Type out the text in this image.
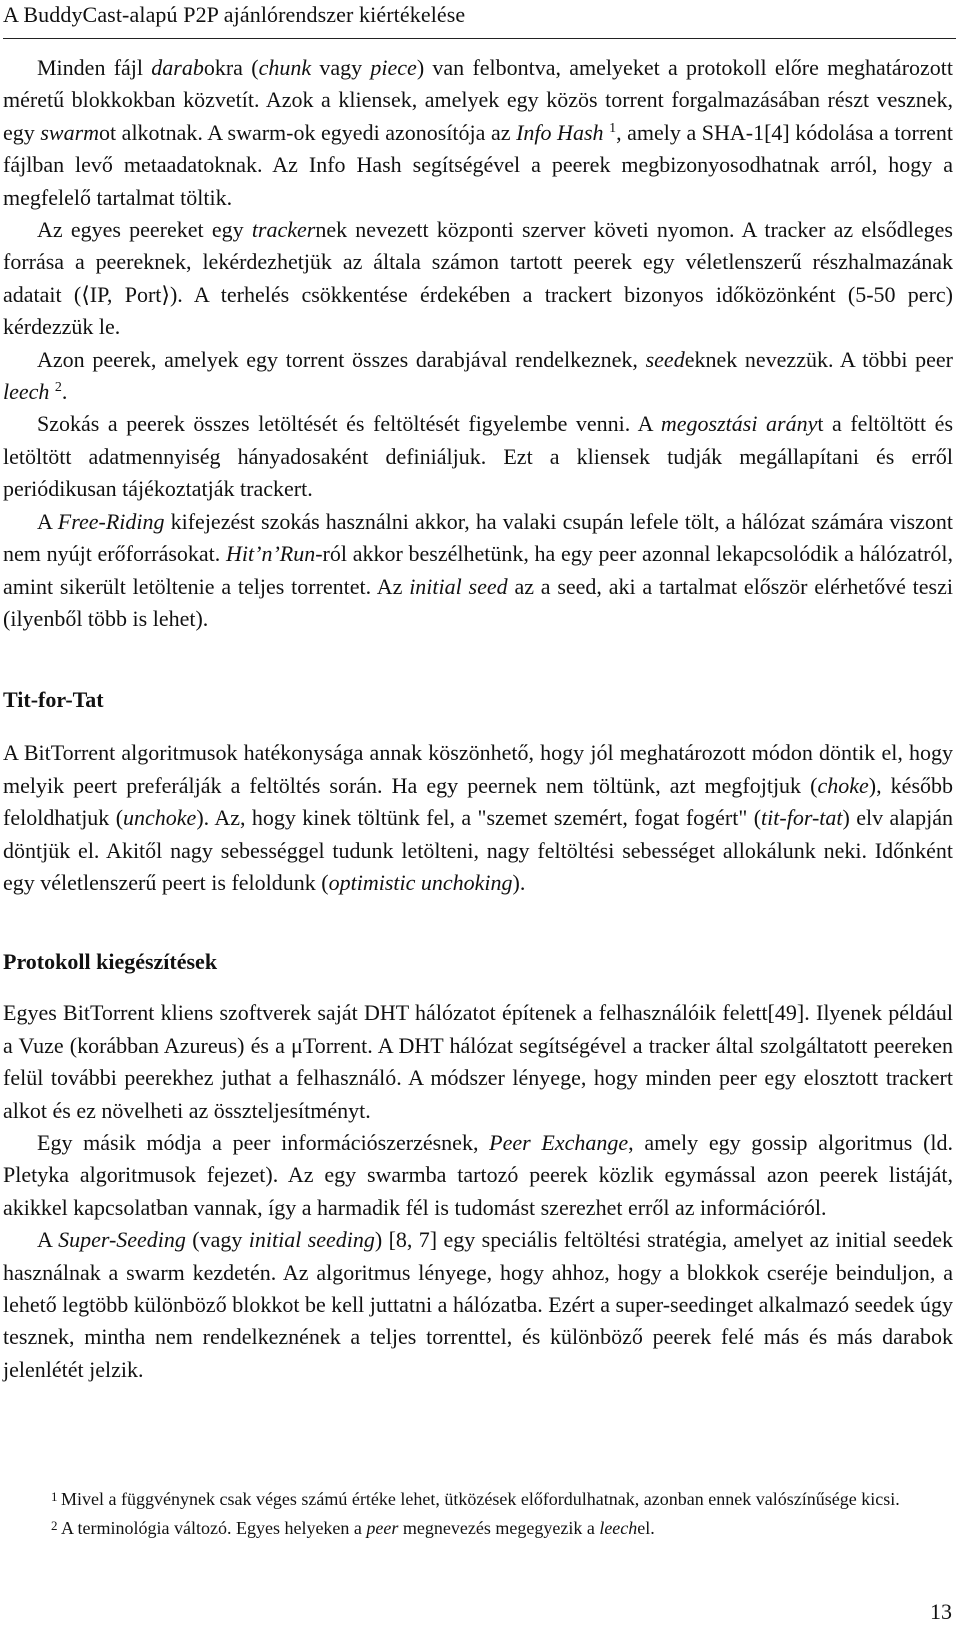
A BuddyCast-alapú P2P ajánlórendszer kiértékelése

Minden fájl darabokra (chunk vagy piece) van felbontva, amelyeket a protokoll előre meghatározott méretű blokkokban közvetít. Azok a kliensek, amelyek egy közös torrent forgalmazásában részt vesznek, egy swarmot alkotnak. A swarm-ok egyedi azonosítója az Info Hash $^1$, amely a SHA-1[4] kódolása a torrent fájlban levő metaadatoknak. Az Info Hash segítségével a peerek megbizonyosodhatnak arról, hogy a megfelelő tartalmat töltik.

Az egyes peereket egy trackernek nevezett központi szerver követi nyomon. A tracker az elsődleges forrása a peereknek, lekérdezhetjük az általa számon tartott peerek egy véletlenszerű részhalmazának adatait (⟨IP, Port⟩). A terhelés csökkentése érdekében a trackert bizonyos időközönként (5-50 perc) kérdezzük le.

Azon peerek, amelyek egy torrent összes darabjával rendelkeznek, seedeknek nevezzük. A többi peer leech $^2$.

Szokás a peerek összes letöltését és feltöltését figyelembe venni. A megosztási arányt a feltöltött és letöltött adatmennyiség hányadosaként definiáljuk. Ezt a kliensek tudják megállapítani és erről periódikusan tájékoztatják trackert.

A Free-Riding kifejezést szokás használni akkor, ha valaki csupán lefele tölt, a hálózat számára viszont nem nyújt erőforrásokat. Hit’n’Run-ról akkor beszélhetünk, ha egy peer azonnal lekapcsolódik a hálózatról, amint sikerült letöltenie a teljes torrentet. Az initial seed az a seed, aki a tartalmat először elérhetővé teszi (ilyenből több is lehet).

Tit-for-Tat

A BitTorrent algoritmusok hatékonysága annak köszönhető, hogy jól meghatározott módon döntik el, hogy melyik peert preferálják a feltöltés során. Ha egy peernek nem töltünk, azt megfojtjuk (choke), később feloldhatjuk (unchoke). Az, hogy kinek töltünk fel, a "szemet szemért, fogat fogért" (tit-for-tat) elv alapján döntjük el. Akitől nagy sebességgel tudunk letölteni, nagy feltöltési sebességet allokálunk neki. Időnként egy véletlenszerű peert is feloldunk (optimistic unchoking).

Protokoll kiegészítések

Egyes BitTorrent kliens szoftverek saját DHT hálózatot építenek a felhasználóik felett[49]. Ilyenek például a Vuze (korábban Azureus) és a μTorrent. A DHT hálózat segítségével a tracker által szolgáltatott peereken felül további peerekhez juthat a felhasználó. A módszer lényege, hogy minden peer egy elosztott trackert alkot és ez növelheti az összteljesítményt.

Egy másik módja a peer információszerzésnek, Peer Exchange, amely egy gossip algoritmus (ld. Pletyka algoritmusok fejezet). Az egy swarmba tartozó peerek közlik egymással azon peerek listáját, akikkel kapcsolatban vannak, így a harmadik fél is tudomást szerezhet erről az információról.

A Super-Seeding (vagy initial seeding) [8, 7] egy speciális feltöltési stratégia, amelyet az initial seedek használnak a swarm kezdetén. Az algoritmus lényege, hogy ahhoz, hogy a blokkok cseréje beinduljon, a lehető legtöbb különböző blokkot be kell juttatni a hálózatba. Ezért a super-seedinget alkalmazó seedek úgy tesznek, mintha nem rendelkeznének a teljes torrenttel, és különböző peerek felé más és más darabok jelenlétét jelzik.

1 Mivel a függvénynek csak véges számú értéke lehet, ütközések előfordulhatnak, azonban ennek valószínűsége kicsi.
2 A terminológia változó. Egyes helyeken a peer megnevezés megegyezik a leechel.
13
